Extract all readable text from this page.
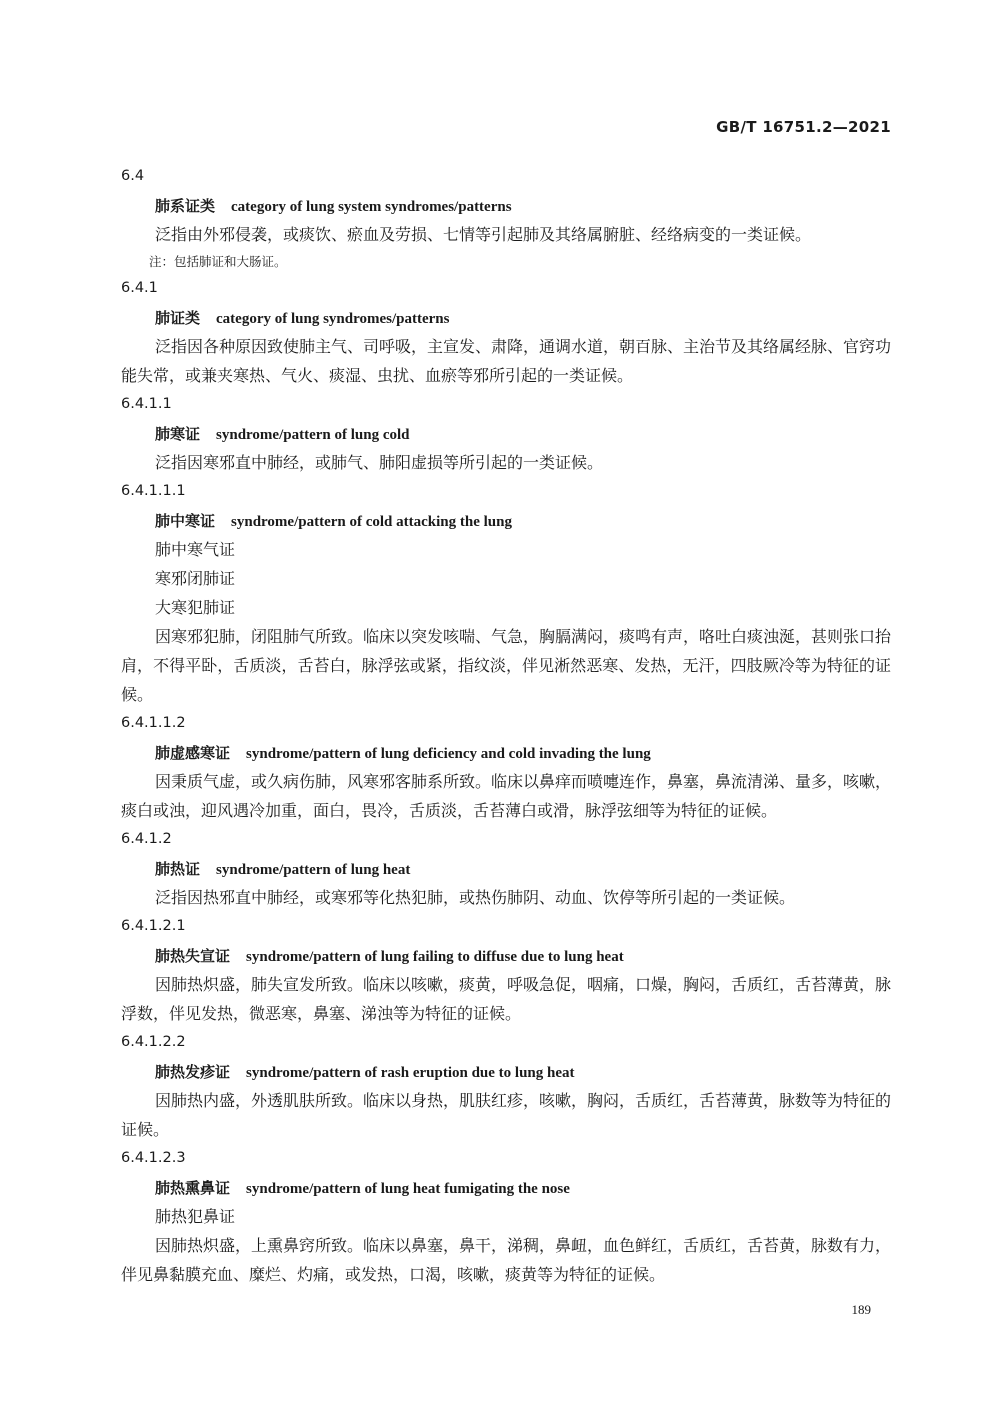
GB/T 16751.2—2021
6.4
肺系证类 category of lung system syndromes/patterns

泛指由外邪侵袭，或痰饮、瘀血及劳损、七情等引起肺及其络属腑脏、经络病变的一类证候。

注：包括肺证和大肠证。
6.4.1
肺证类 category of lung syndromes/patterns

泛指因各种原因致使肺主气、司呼吸，主宣发、肃降，通调水道，朝百脉、主治节及其络属经脉、官窍功能失常，或兼夹寒热、气火、痰湿、虫扰、血瘀等邪所引起的一类证候。

6.4.1.1
肺寒证 syndrome/pattern of lung cold

泛指因寒邪直中肺经，或肺气、肺阳虚损等所引起的一类证候。

6.4.1.1.1
肺中寒证 syndrome/pattern of cold attacking the lung
肺中寒气证
寒邪闭肺证
大寒犯肺证

因寒邪犯肺，闭阻肺气所致。临床以突发咳喘、气急，胸膈满闷，痰鸣有声，咯吐白痰浊涎，甚则张口抬肩，不得平卧，舌质淡，舌苔白，脉浮弦或紧，指纹淡，伴见淅然恶寒、发热，无汗，四肢厥冷等为特征的证候。

6.4.1.1.2
肺虚感寒证 syndrome/pattern of lung deficiency and cold invading the lung

因秉质气虚，或久病伤肺，风寒邪客肺系所致。临床以鼻痒而喷嚏连作，鼻塞，鼻流清涕、量多，咳嗽，痰白或浊，迎风遇冷加重，面白，畏冷，舌质淡，舌苔薄白或滑，脉浮弦细等为特征的证候。

6.4.1.2
肺热证 syndrome/pattern of lung heat

泛指因热邪直中肺经，或寒邪等化热犯肺，或热伤肺阴、动血、饮停等所引起的一类证候。

6.4.1.2.1
肺热失宣证 syndrome/pattern of lung failing to diffuse due to lung heat

因肺热炽盛，肺失宣发所致。临床以咳嗽，痰黄，呼吸急促，咽痛，口燥，胸闷，舌质红，舌苔薄黄，脉浮数，伴见发热，微恶寒，鼻塞、涕浊等为特征的证候。

6.4.1.2.2
肺热发疹证 syndrome/pattern of rash eruption due to lung heat

因肺热内盛，外透肌肤所致。临床以身热，肌肤红疹，咳嗽，胸闷，舌质红，舌苔薄黄，脉数等为特征的证候。

6.4.1.2.3
肺热熏鼻证 syndrome/pattern of lung heat fumigating the nose
肺热犯鼻证

因肺热炽盛，上熏鼻窍所致。临床以鼻塞，鼻干，涕稠，鼻衄，血色鲜红，舌质红，舌苔黄，脉数有力，伴见鼻黏膜充血、糜烂、灼痛，或发热，口渴，咳嗽，痰黄等为特征的证候。

189
